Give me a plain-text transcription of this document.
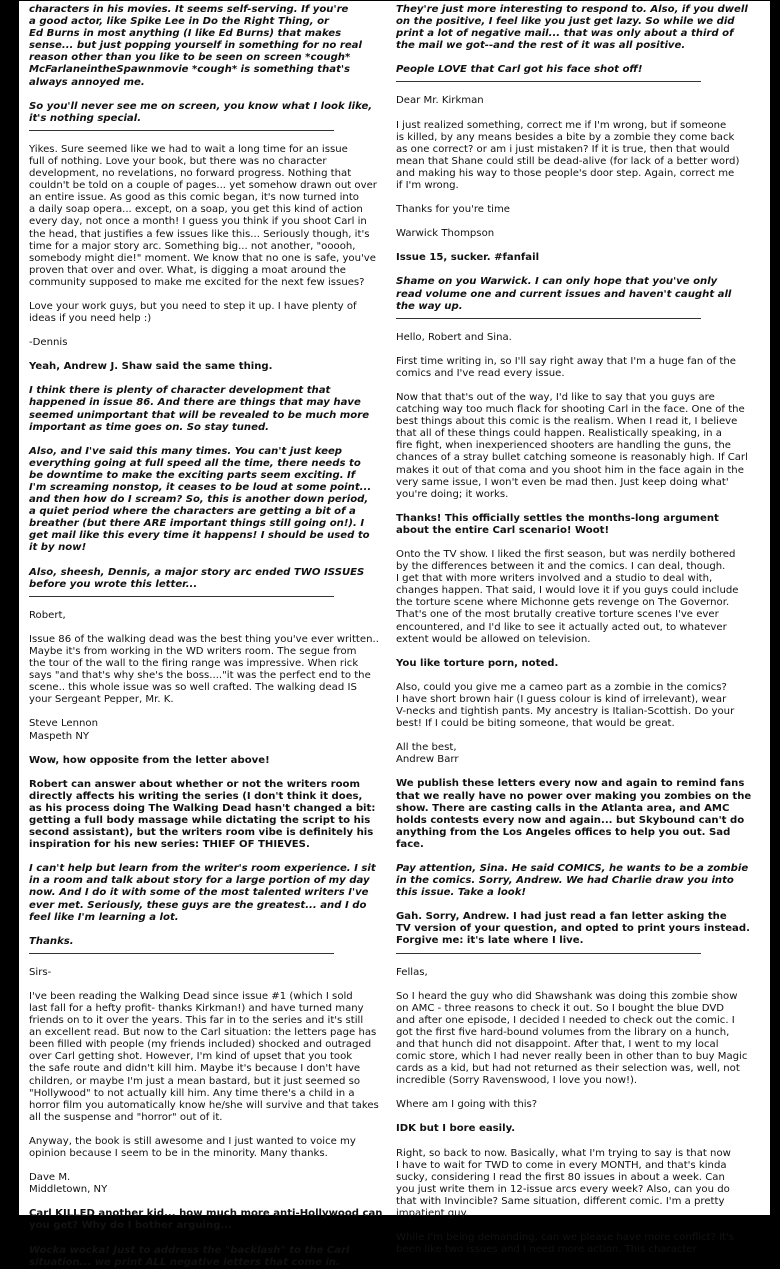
characters in his movies. It seems self-serving. If you're
a good actor, like Spike Lee in Do the Right Thing, or
Ed Burns in most anything (I like Ed Burns) that makes
sense... but just popping yourself in something for no real
reason other than you like to be seen on screen *cough*
McFarlaneintheSpawnmovie *cough* is something that's
always annoyed me.
So you'll never see me on screen, you know what I look like,
it's nothing special.
Yikes. Sure seemed like we had to wait a long time for an issue
full of nothing. Love your book, but there was no character
development, no revelations, no forward progress. Nothing that
couldn't be told on a couple of pages... yet somehow drawn out over
an entire issue. As good as this comic began, it's now turned into
a daily soap opera... except, on a soap, you get this kind of action
every day, not once a month! I guess you think if you shoot Carl in
the head, that justifies a few issues like this... Seriously though, it's
time for a major story arc. Something big... not another, "ooooh,
somebody might die!" moment. We know that no one is safe, you've
proven that over and over. What, is digging a moat around the
community supposed to make me excited for the next few issues?
Love your work guys, but you need to step it up. I have plenty of
ideas if you need help :)
-Dennis
Yeah, Andrew J. Shaw said the same thing.
I think there is plenty of character development that
happened in issue 86. And there are things that may have
seemed unimportant that will be revealed to be much more
important as time goes on. So stay tuned.
Also, and I've said this many times. You can't just keep
everything going at full speed all the time, there needs to
be downtime to make the exciting parts seem exciting. If
I'm screaming nonstop, it ceases to be loud at some point...
and then how do I scream? So, this is another down period,
a quiet period where the characters are getting a bit of a
breather (but there ARE important things still going on!). I
get mail like this every time it happens! I should be used to
it by now!
Also, sheesh, Dennis, a major story arc ended TWO ISSUES
before you wrote this letter...
Robert,
Issue 86 of the walking dead was the best thing you've ever written..
Maybe it's from working in the WD writers room. The segue from
the tour of the wall to the firing range was impressive. When rick
says "and that's why she's the boss...."it was the perfect end to the
scene.. this whole issue was so well crafted. The walking dead IS
your Sergeant Pepper, Mr. K.
Steve Lennon
Maspeth NY
Wow, how opposite from the letter above!
Robert can answer about whether or not the writers room
directly affects his writing the series (I don't think it does,
as his process doing The Walking Dead hasn't changed a bit:
getting a full body massage while dictating the script to his
second assistant), but the writers room vibe is definitely his
inspiration for his new series: THIEF OF THIEVES.
I can't help but learn from the writer's room experience. I sit
in a room and talk about story for a large portion of my day
now. And I do it with some of the most talented writers I've
ever met. Seriously, these guys are the greatest... and I do
feel like I'm learning a lot.
Thanks.
Sirs-
I've been reading the Walking Dead since issue #1 (which I sold
last fall for a hefty profit- thanks Kirkman!) and have turned many
friends on to it over the years. This far in to the series and it's still
an excellent read. But now to the Carl situation: the letters page has
been filled with people (my friends included) shocked and outraged
over Carl getting shot. However, I'm kind of upset that you took
the safe route and didn't kill him. Maybe it's because I don't have
children, or maybe I'm just a mean bastard, but it just seemed so
"Hollywood" to not actually kill him. Any time there's a child in a
horror film you automatically know he/she will survive and that takes
all the suspense and "horror" out of it.
Anyway, the book is still awesome and I just wanted to voice my
opinion because I seem to be in the minority. Many thanks.
Dave M.
Middletown, NY
Carl KILLED another kid... how much more anti-Hollywood can
you get? Why do I bother arguing...
Wocka wocka! Just to address the "backlash" to the Carl
situation... we print ALL negative letters that come in.
They're just more interesting to respond to. Also, if you dwell
on the positive, I feel like you just get lazy. So while we did
print a lot of negative mail... that was only about a third of
the mail we got--and the rest of it was all positive.
People LOVE that Carl got his face shot off!
Dear Mr. Kirkman
I just realized something, correct me if I'm wrong, but if someone
is killed, by any means besides a bite by a zombie they come back
as one correct? or am i just mistaken? If it is true, then that would
mean that Shane could still be dead-alive (for lack of a better word)
and making his way to those people's door step. Again, correct me
if I'm wrong.
Thanks for you're time
Warwick Thompson
Issue 15, sucker. #fanfail
Shame on you Warwick. I can only hope that you've only
read volume one and current issues and haven't caught all
the way up.
Hello, Robert and Sina.
First time writing in, so I'll say right away that I'm a huge fan of the
comics and I've read every issue.
Now that that's out of the way, I'd like to say that you guys are
catching way too much flack for shooting Carl in the face. One of the
best things about this comic is the realism. When I read it, I believe
that all of these things could happen. Realistically speaking, in a
fire fight, when inexperienced shooters are handling the guns, the
chances of a stray bullet catching someone is reasonably high. If Carl
makes it out of that coma and you shoot him in the face again in the
very same issue, I won't even be mad then. Just keep doing what'
you're doing; it works.
Thanks! This officially settles the months-long argument
about the entire Carl scenario! Woot!
Onto the TV show. I liked the first season, but was nerdily bothered
by the differences between it and the comics. I can deal, though.
I get that with more writers involved and a studio to deal with,
changes happen. That said, I would love it if you guys could include
the torture scene where Michonne gets revenge on The Governor.
That's one of the most brutally creative torture scenes I've ever
encountered, and I'd like to see it actually acted out, to whatever
extent would be allowed on television.
You like torture porn, noted.
Also, could you give me a cameo part as a zombie in the comics?
I have short brown hair (I guess colour is kind of irrelevant), wear
V-necks and tightish pants. My ancestry is Italian-Scottish. Do your
best! If I could be biting someone, that would be great.
All the best,
Andrew Barr
We publish these letters every now and again to remind fans
that we really have no power over making you zombies on the
show. There are casting calls in the Atlanta area, and AMC
holds contests every now and again... but Skybound can't do
anything from the Los Angeles offices to help you out. Sad
face.
Pay attention, Sina. He said COMICS, he wants to be a zombie
in the comics. Sorry, Andrew. We had Charlie draw you into
this issue. Take a look!
Gah. Sorry, Andrew. I had just read a fan letter asking the
TV version of your question, and opted to print yours instead.
Forgive me: it's late where I live.
Fellas,
So I heard the guy who did Shawshank was doing this zombie show
on AMC - three reasons to check it out. So I bought the blue DVD
and after one episode, I decided I needed to check out the comic. I
got the first five hard-bound volumes from the library on a hunch,
and that hunch did not disappoint. After that, I went to my local
comic store, which I had never really been in other than to buy Magic
cards as a kid, but had not returned as their selection was, well, not
incredible (Sorry Ravenswood, I love you now!).
Where am I going with this?
IDK but I bore easily.
Right, so back to now. Basically, what I'm trying to say is that now
I have to wait for TWD to come in every MONTH, and that's kinda
sucky, considering I read the first 80 issues in about a week. Can
you just write them in 12-issue arcs every week? Also, can you do
that with Invincible? Same situation, different comic. I'm a pretty
impatient guy.
While I'm being demanding, can we please have more conflict? It's
been like two issues and I need more action. This character
